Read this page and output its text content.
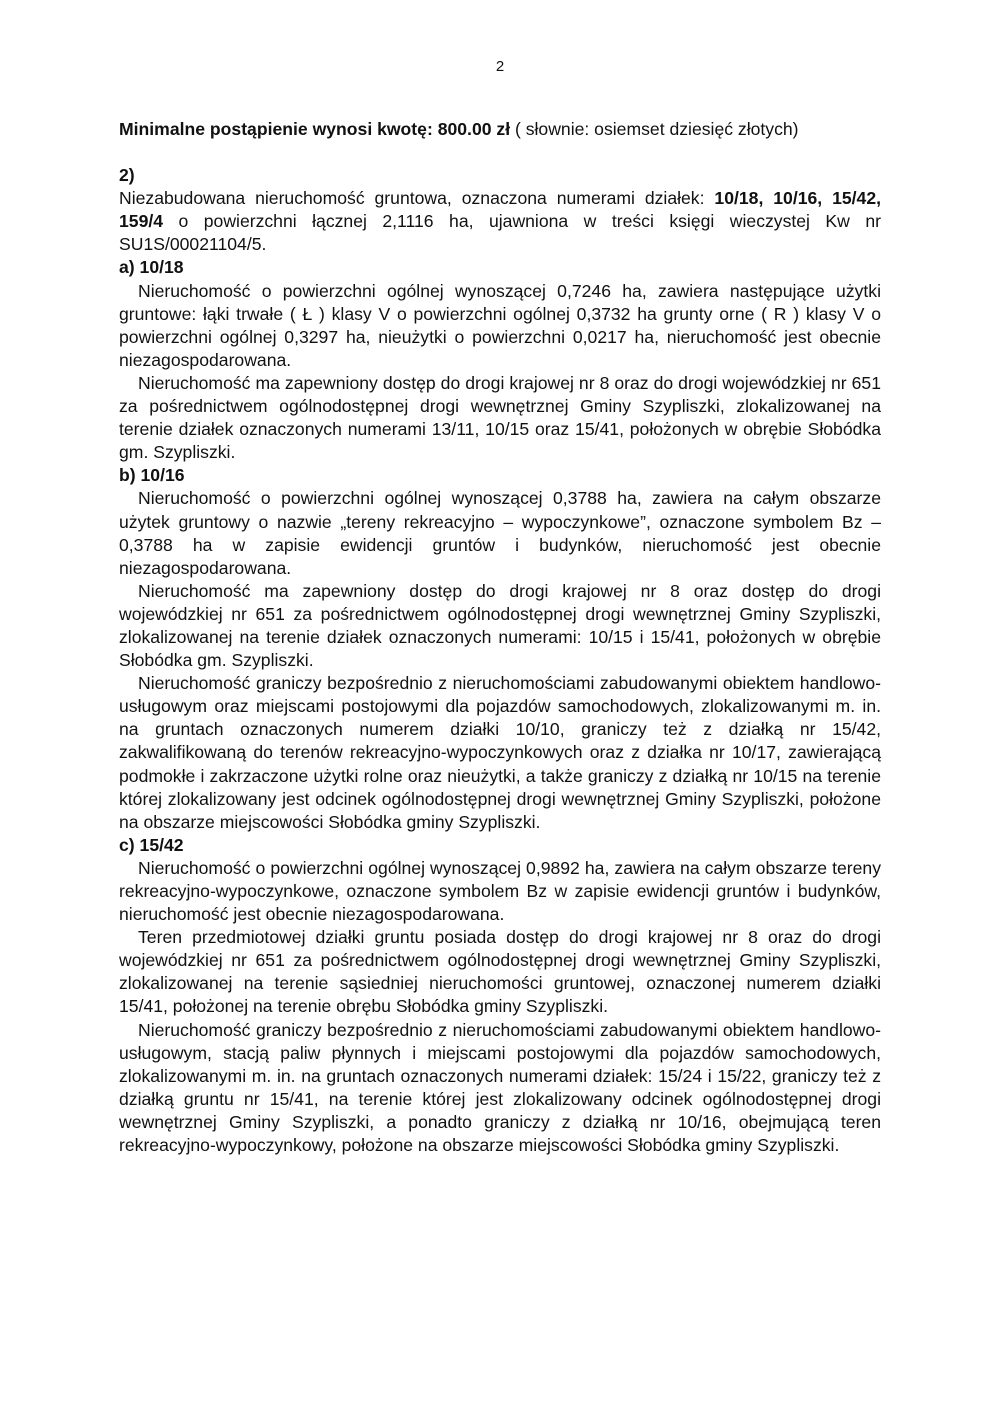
2

Minimalne postąpienie wynosi kwotę: 800.00 zł ( słownie: osiemset dziesięć złotych)

2)

Niezabudowana nieruchomość gruntowa, oznaczona numerami działek: 10/18, 10/16, 15/42, 159/4 o powierzchni łącznej 2,1116 ha, ujawniona w treści księgi wieczystej Kw nr SU1S/00021104/5.

a) 10/18

Nieruchomość o powierzchni ogólnej wynoszącej 0,7246 ha, zawiera następujące użytki gruntowe: łąki trwałe ( Ł ) klasy V o powierzchni ogólnej 0,3732 ha grunty orne ( R ) klasy V o powierzchni ogólnej 0,3297 ha, nieużytki o powierzchni 0,0217 ha, nieruchomość jest obecnie niezagospodarowana.

Nieruchomość ma zapewniony dostęp do drogi krajowej nr 8 oraz do drogi wojewódzkiej nr 651 za pośrednictwem ogólnodostępnej drogi wewnętrznej Gminy Szypliszki, zlokalizowanej na terenie działek oznaczonych numerami 13/11, 10/15 oraz 15/41, położonych w obrębie Słobódka gm. Szypliszki.

b) 10/16

Nieruchomość o powierzchni ogólnej wynoszącej 0,3788 ha, zawiera na całym obszarze użytek gruntowy o nazwie „tereny rekreacyjno – wypoczynkowe”, oznaczone symbolem Bz – 0,3788 ha w zapisie ewidencji gruntów i budynków, nieruchomość jest obecnie niezagospodarowana.

Nieruchomość ma zapewniony dostęp do drogi krajowej nr 8 oraz dostęp do drogi wojewódzkiej nr 651 za pośrednictwem ogólnodostępnej drogi wewnętrznej Gminy Szypliszki, zlokalizowanej na terenie działek oznaczonych numerami: 10/15 i 15/41, położonych w obrębie Słobódka gm. Szypliszki.

Nieruchomość graniczy bezpośrednio z nieruchomościami zabudowanymi obiektem handlowo-usługowym oraz miejscami postojowymi dla pojazdów samochodowych, zlokalizowanymi m. in. na gruntach oznaczonych numerem działki 10/10, graniczy też z działką nr 15/42, zakwalifikowaną do terenów rekreacyjno-wypoczynkowych oraz z działka nr 10/17, zawierającą podmokłe i zakrzaczone użytki rolne oraz nieużytki, a także graniczy z działką nr 10/15 na terenie której zlokalizowany jest odcinek ogólnodostępnej drogi wewnętrznej Gminy Szypliszki, położone na obszarze miejscowości Słobódka gminy Szypliszki.

c) 15/42

Nieruchomość o powierzchni ogólnej wynoszącej 0,9892 ha, zawiera na całym obszarze tereny rekreacyjno-wypoczynkowe, oznaczone symbolem Bz w zapisie ewidencji gruntów i budynków, nieruchomość jest obecnie niezagospodarowana.

Teren przedmiotowej działki gruntu posiada dostęp do drogi krajowej nr 8 oraz do drogi wojewódzkiej nr 651 za pośrednictwem ogólnodostępnej drogi wewnętrznej Gminy Szypliszki, zlokalizowanej na terenie sąsiedniej nieruchomości gruntowej, oznaczonej numerem działki 15/41, położonej na terenie obrębu Słobódka gminy Szypliszki.

Nieruchomość graniczy bezpośrednio z nieruchomościami zabudowanymi obiektem handlowo-usługowym, stacją paliw płynnych i miejscami postojowymi dla pojazdów samochodowych, zlokalizowanymi m. in. na gruntach oznaczonych numerami działek: 15/24 i 15/22, graniczy też z działką gruntu nr 15/41, na terenie której jest zlokalizowany odcinek ogólnodostępnej drogi wewnętrznej Gminy Szypliszki, a ponadto graniczy z działką nr 10/16, obejmującą teren rekreacyjno-wypoczynkowy, położone na obszarze miejscowości Słobódka gminy Szypliszki.
